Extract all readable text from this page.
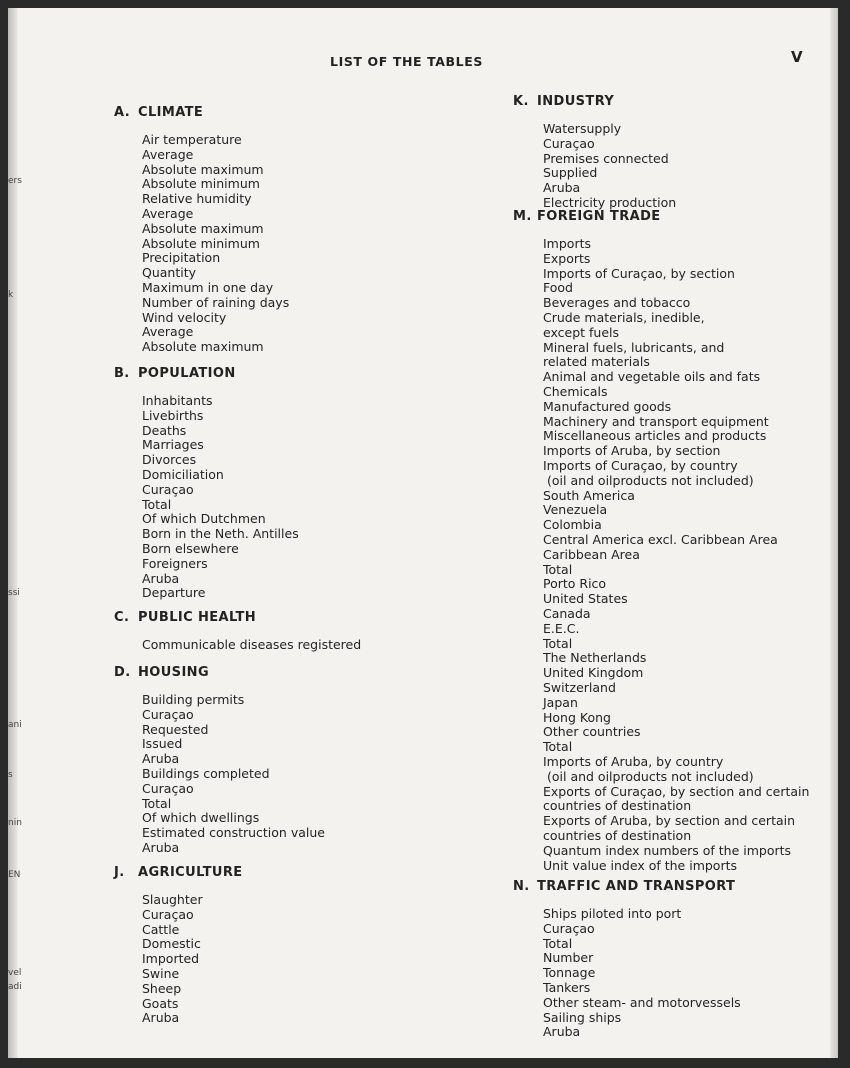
ers
k
ssi
ani
s
nin
EN
vel
adi
LIST OF THE TABLES	V
A. CLIMATE
Air temperature
Average
Absolute maximum
Absolute minimum
Relative humidity
Average
Absolute maximum
Absolute minimum
Precipitation
Quantity
Maximum in one day
Number of raining days
Wind velocity
Average
Absolute maximum
B. POPULATION
Inhabitants
Livebirths
Deaths
Marriages
Divorces
Domiciliation
Curaçao
Total
Of which Dutchmen
Born in the Neth. Antilles
Born elsewhere
Foreigners
Aruba
Departure
C. PUBLIC HEALTH
Communicable diseases registered
D. HOUSING
Building permits
Curaçao
Requested
Issued
Aruba
Buildings completed
Curaçao
Total
Of which dwellings
Estimated construction value
Aruba
J. AGRICULTURE
Slaughter
Curaçao
Cattle
Domestic
Imported
Swine
Sheep
Goats
Aruba
K. INDUSTRY
Watersupply
Curaçao
Premises connected
Supplied
Aruba
Electricity production
M. FOREIGN TRADE
Imports
Exports
Imports of Curaçao, by section
Food
Beverages and tobacco
Crude materials, inedible,
except fuels
Mineral fuels, lubricants, and
related materials
Animal and vegetable oils and fats
Chemicals
Manufactured goods
Machinery and transport equipment
Miscellaneous articles and products
Imports of Aruba, by section
Imports of Curaçao, by country
(oil and oilproducts not included)
South America
Venezuela
Colombia
Central America excl. Caribbean Area
Caribbean Area
Total
Porto Rico
United States
Canada
E.E.C.
Total
The Netherlands
United Kingdom
Switzerland
Japan
Hong Kong
Other countries
Total
Imports of Aruba, by country
(oil and oilproducts not included)
Exports of Curaçao, by section and certain
countries of destination
Exports of Aruba, by section and certain
countries of destination
Quantum index numbers of the imports
Unit value index of the imports
N. TRAFFIC AND TRANSPORT
Ships piloted into port
Curaçao
Total
Number
Tonnage
Tankers
Other steam- and motorvessels
Sailing ships
Aruba
